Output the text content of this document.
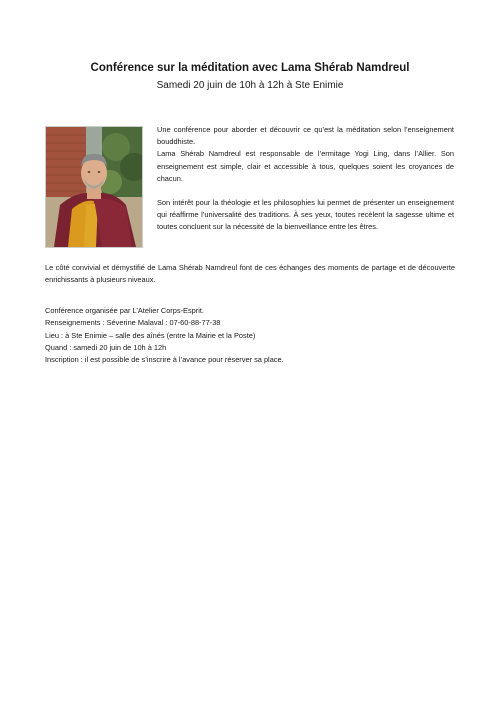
Conférence sur la méditation avec Lama Shérab Namdreul
Samedi 20 juin de 10h à 12h à Ste Enimie

Une conférence pour aborder et découvrir ce qu’est la méditation selon l’enseignement bouddhiste.
Lama Shérab Namdreul est responsable de l’ermitage Yogi Ling, dans l’Allier. Son enseignement est simple, clair et accessible à tous, quelques soient les croyances de chacun.

Son intérêt pour la théologie et les philosophies lui permet de présenter un enseignement qui réaffirme l’universalité des traditions. À ses yeux, toutes recèlent la sagesse ultime et toutes concluent sur la nécessité de la bienveillance entre les êtres.

Le côté convivial et démystifié de Lama Shérab Namdreul font de ces échanges des moments de partage et de découverte enrichissants à plusieurs niveaux.

Conférence organisée par L’Atelier Corps-Esprit.
Renseignements : Séverine Malaval : 07-60-88-77-38
Lieu : à Ste Enimie – salle des aînés (entre la Mairie et la Poste)
Quand : samedi 20 juin de 10h à 12h
Inscription : il est possible de s’inscrire à l’avance pour réserver sa place.
